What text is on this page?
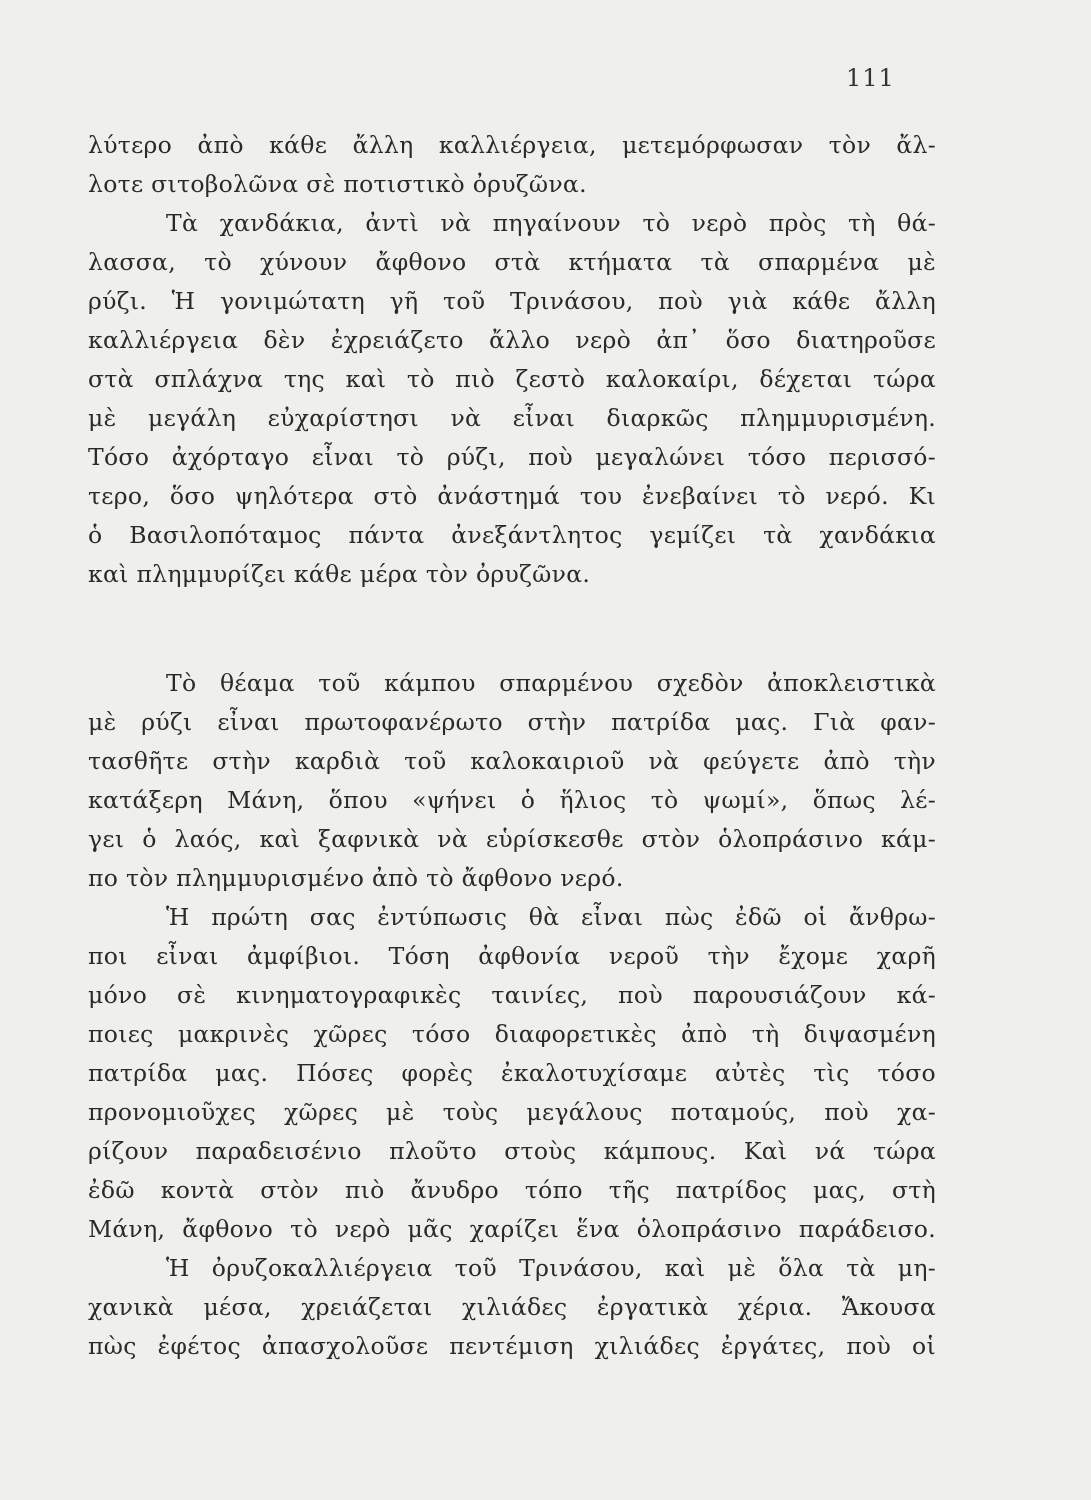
111
λύτερο ἀπὸ κάθε ἄλλη καλλιέργεια, μετεμόρφωσαν τὸν ἄλ-
λοτε σιτοβολῶνα σὲ ποτιστικὸ ὀρυζῶνα.
Τὰ χανδάκια, ἀντὶ νὰ πηγαίνουν τὸ νερὸ πρὸς τὴ θά-
λασσα, τὸ χύνουν ἄφθονο στὰ κτήματα τὰ σπαρμένα μὲ
ρύζι. Ἡ γονιμώτατη γῆ τοῦ Τρινάσου, ποὺ γιὰ κάθε ἄλλη
καλλιέργεια δὲν ἐχρειάζετο ἄλλο νερὸ ἀπ᾽ ὅσο διατηροῦσε
στὰ σπλάχνα της καὶ τὸ πιὸ ζεστὸ καλοκαίρι, δέχεται τώρα
μὲ μεγάλη εὐχαρίστησι νὰ εἶναι διαρκῶς πλημμυρισμένη.
Τόσο ἀχόρταγο εἶναι τὸ ρύζι, ποὺ μεγαλώνει τόσο περισσό-
τερο, ὅσο ψηλότερα στὸ ἀνάστημά του ἐνεβαίνει τὸ νερό. Κι
ὁ Βασιλοπόταμος πάντα ἀνεξάντλητος γεμίζει τὰ χανδάκια
καὶ πλημμυρίζει κάθε μέρα τὸν ὀρυζῶνα.
Τὸ θέαμα τοῦ κάμπου σπαρμένου σχεδὸν ἀποκλειστικὰ
μὲ ρύζι εἶναι πρωτοφανέρωτο στὴν πατρίδα μας. Γιὰ φαν-
τασθῆτε στὴν καρδιὰ τοῦ καλοκαιριοῦ νὰ φεύγετε ἀπὸ τὴν
κατάξερη Μάνη, ὅπου «ψήνει ὁ ἥλιος τὸ ψωμί», ὅπως λέ-
γει ὁ λαός, καὶ ξαφνικὰ νὰ εὑρίσκεσθε στὸν ὁλοπράσινο κάμ-
πο τὸν πλημμυρισμένο ἀπὸ τὸ ἄφθονο νερό.
Ἡ πρώτη σας ἐντύπωσις θὰ εἶναι πὼς ἐδῶ οἱ ἄνθρω-
ποι εἶναι ἀμφίβιοι. Τόση ἀφθονία νεροῦ τὴν ἔχομε χαρῆ
μόνο σὲ κινηματογραφικὲς ταινίες, ποὺ παρουσιάζουν κά-
ποιες μακρινὲς χῶρες τόσο διαφορετικὲς ἀπὸ τὴ διψασμένη
πατρίδα μας. Πόσες φορὲς ἐκαλοτυχίσαμε αὐτὲς τὶς τόσο
προνομιοῦχες χῶρες μὲ τοὺς μεγάλους ποταμούς, ποὺ χα-
ρίζουν παραδεισένιο πλοῦτο στοὺς κάμπους. Καὶ νά τώρα
ἐδῶ κοντὰ στὸν πιὸ ἄνυδρο τόπο τῆς πατρίδος μας, στὴ
Μάνη, ἄφθονο τὸ νερὸ μᾶς χαρίζει ἕνα ὁλοπράσινο παράδεισο.
Ἡ ὀρυζοκαλλιέργεια τοῦ Τρινάσου, καὶ μὲ ὅλα τὰ μη-
χανικὰ μέσα, χρειάζεται χιλιάδες ἐργατικὰ χέρια. Ἄκουσα
πὼς ἐφέτος ἀπασχολοῦσε πεντέμιση χιλιάδες ἐργάτες, ποὺ οἱ
